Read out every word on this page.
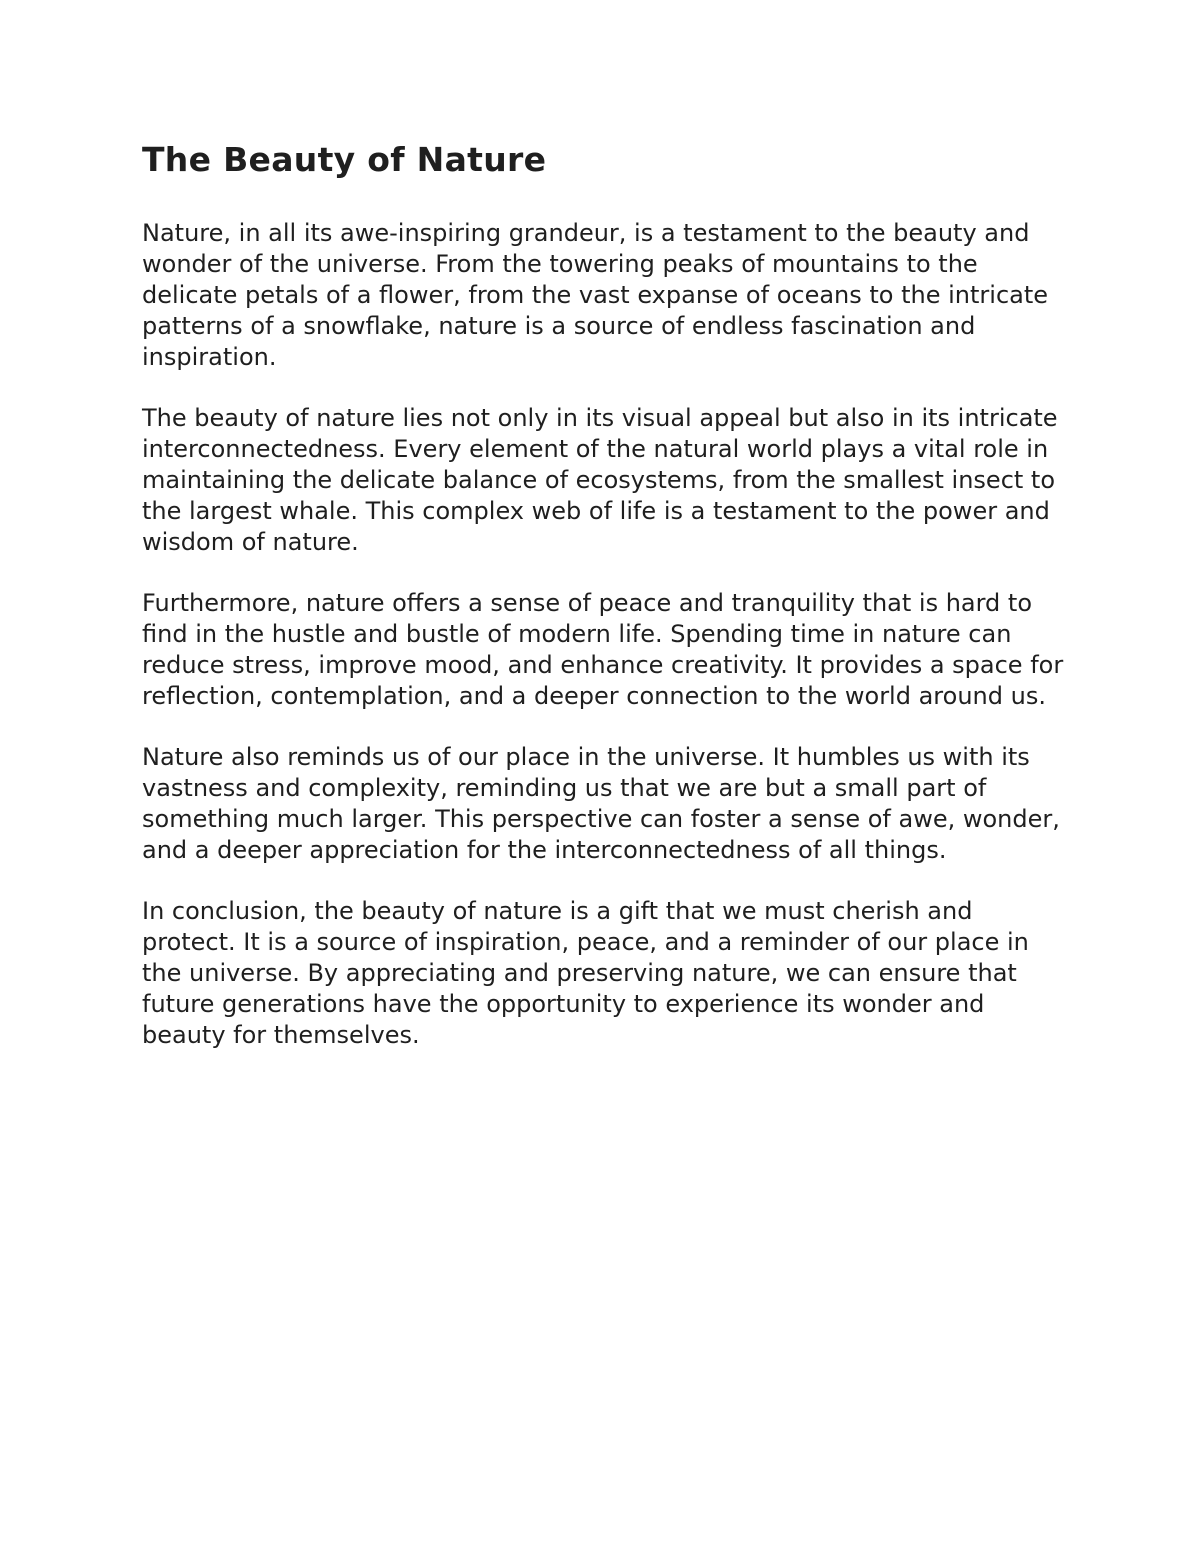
The Beauty of Nature

Nature, in all its awe-inspiring grandeur, is a testament to the beauty and wonder of the universe. From the towering peaks of mountains to the delicate petals of a flower, from the vast expanse of oceans to the intricate patterns of a snowflake, nature is a source of endless fascination and inspiration.

The beauty of nature lies not only in its visual appeal but also in its intricate interconnectedness. Every element of the natural world plays a vital role in maintaining the delicate balance of ecosystems, from the smallest insect to the largest whale. This complex web of life is a testament to the power and wisdom of nature.

Furthermore, nature offers a sense of peace and tranquility that is hard to find in the hustle and bustle of modern life. Spending time in nature can reduce stress, improve mood, and enhance creativity. It provides a space for reflection, contemplation, and a deeper connection to the world around us.

Nature also reminds us of our place in the universe. It humbles us with its vastness and complexity, reminding us that we are but a small part of something much larger. This perspective can foster a sense of awe, wonder, and a deeper appreciation for the interconnectedness of all things.

In conclusion, the beauty of nature is a gift that we must cherish and protect. It is a source of inspiration, peace, and a reminder of our place in the universe. By appreciating and preserving nature, we can ensure that future generations have the opportunity to experience its wonder and beauty for themselves.
